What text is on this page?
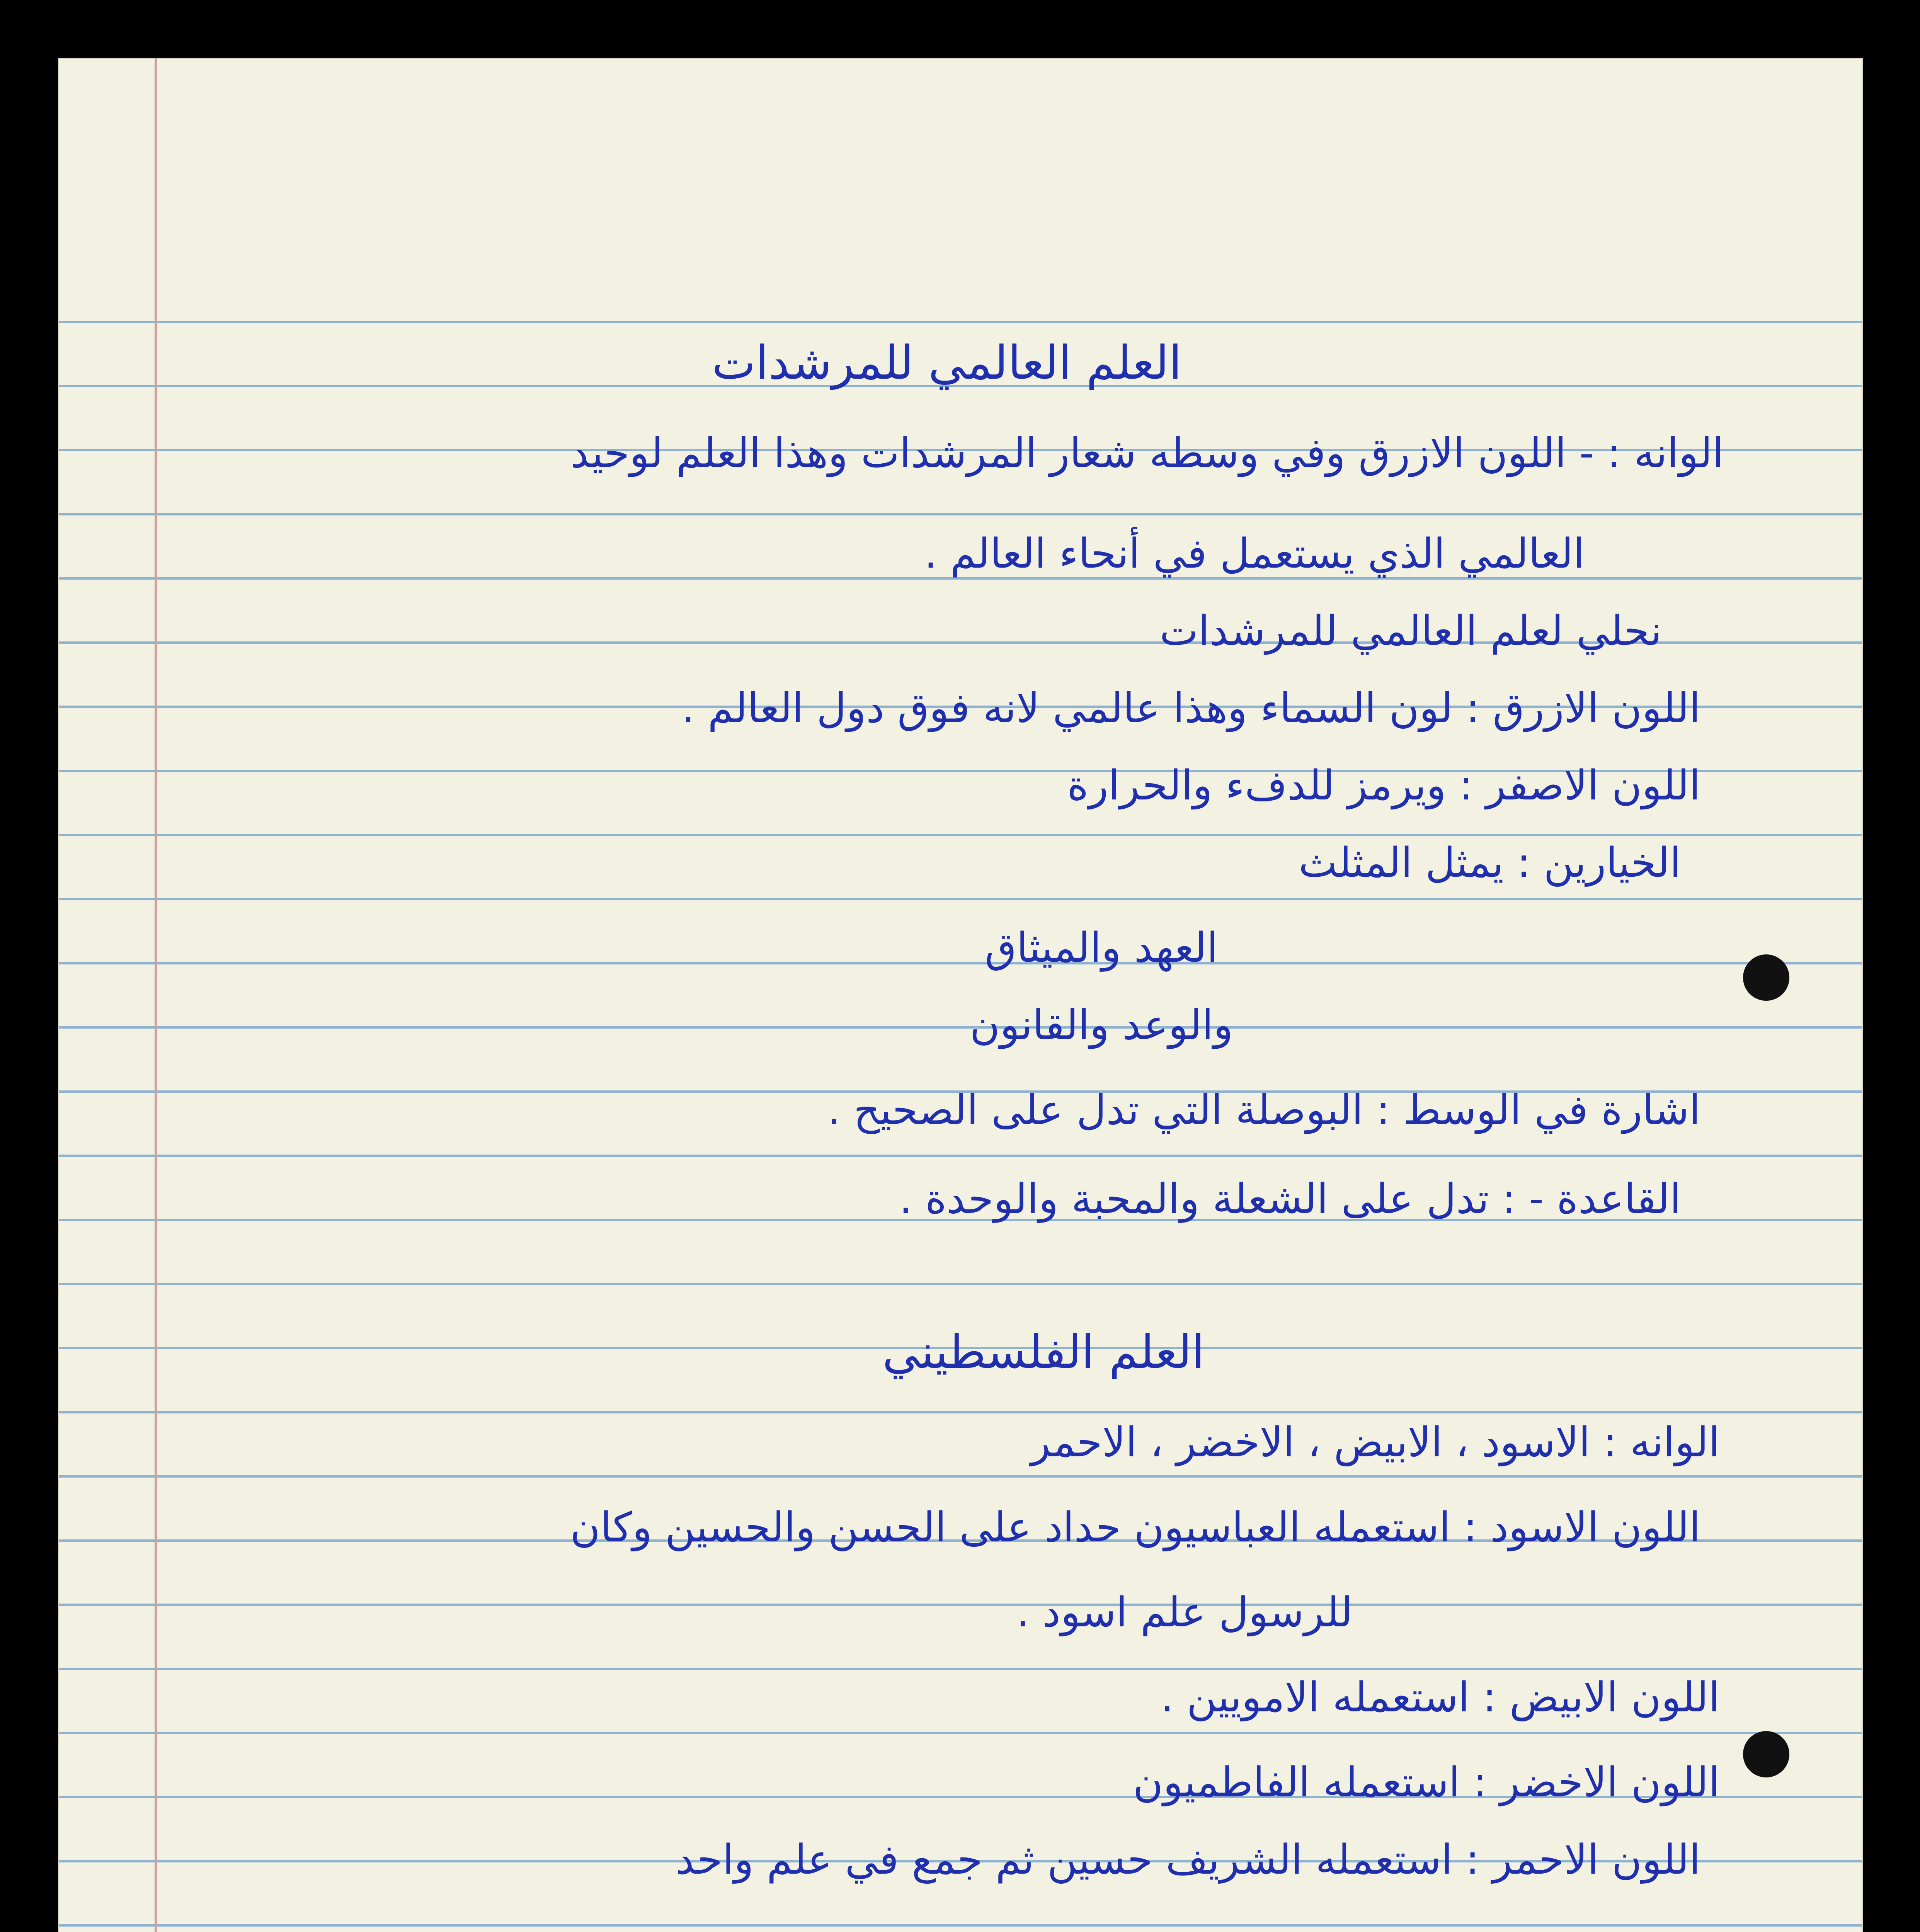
العلم العالمي للمرشدات
الوانه : - اللون الازرق وفي وسطه شعار المرشدات وهذا العلم لوحيد
العالمي الذي يستعمل في أنحاء العالم .
نحلي لعلم العالمي للمرشدات
اللون الازرق : لون السماء وهذا عالمي لانه فوق دول العالم .
اللون الاصفر : ويرمز للدفء والحرارة
الخيارين : يمثل المثلث
العهد والميثاق
والوعد والقانون
اشارة في الوسط : البوصلة التي تدل على الصحيح .
القاعدة - : تدل على الشعلة والمحبة والوحدة .
العلم الفلسطيني
الوانه : الاسود ، الابيض ، الاخضر ، الاحمر
اللون الاسود : استعمله العباسيون حداد على الحسن والحسين وكان
للرسول علم اسود .
اللون الابيض : استعمله الامويين .
اللون الاخضر : استعمله الفاطميون
اللون الاحمر : استعمله الشريف حسين ثم جمع في علم واحد
